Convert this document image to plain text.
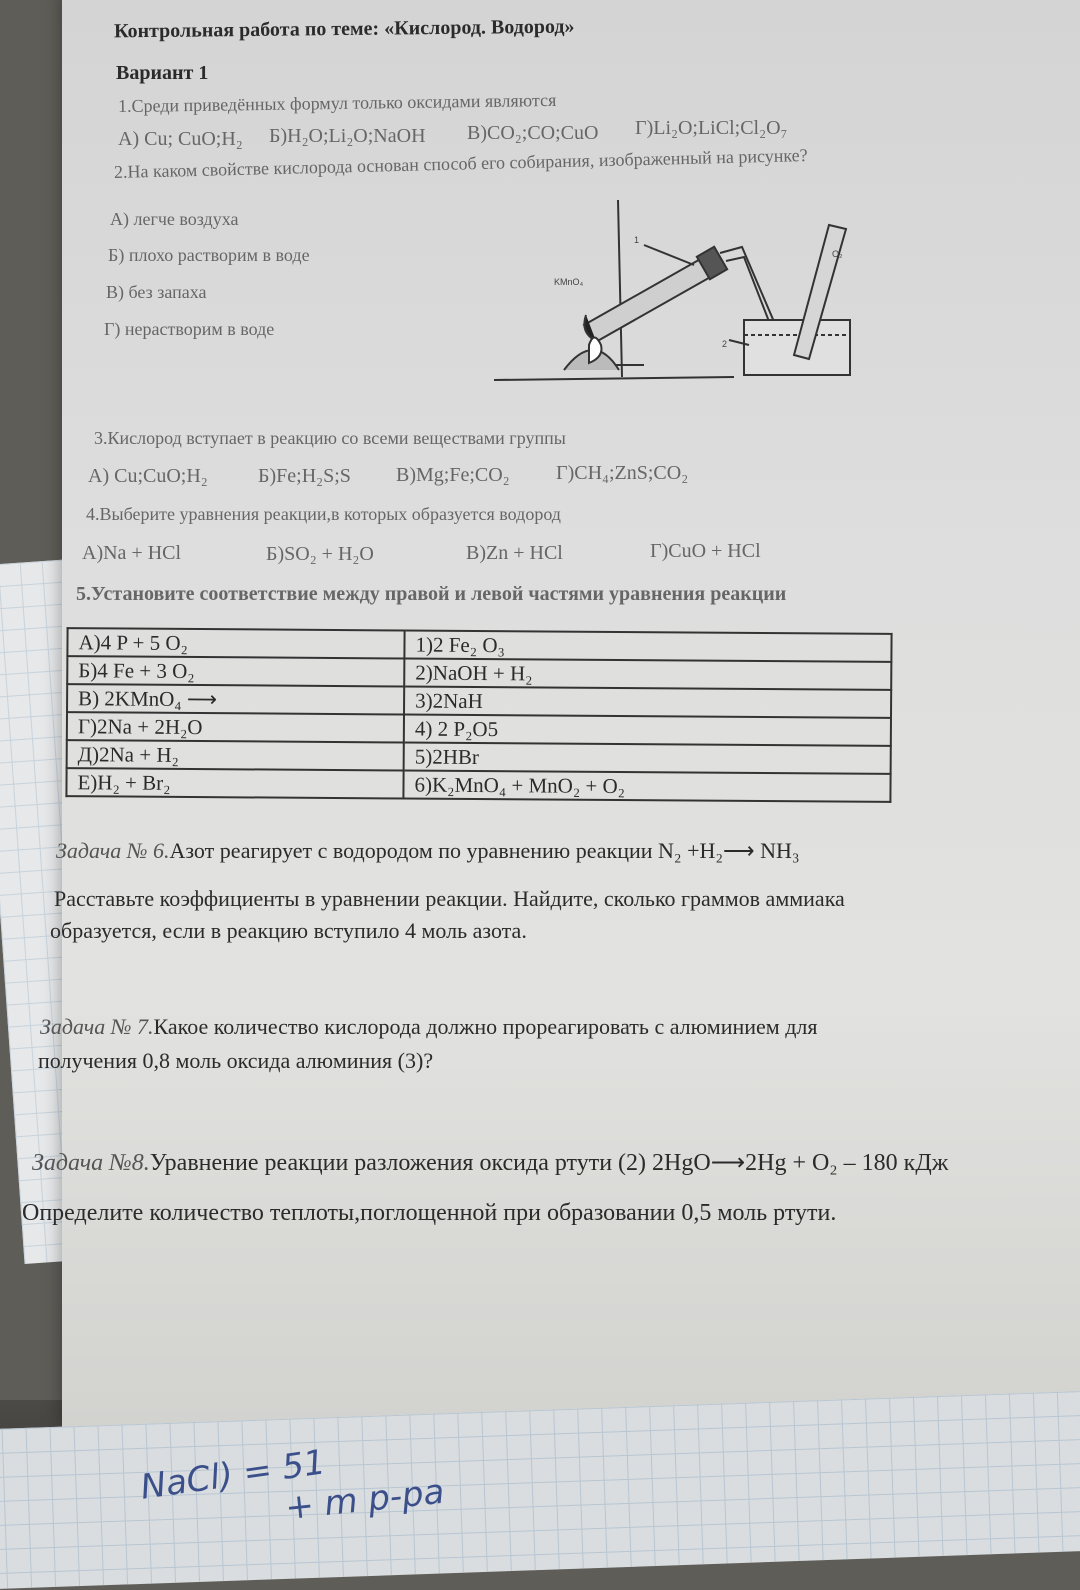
Контрольная работа по теме: «Кислород. Водород»
Вариант 1
1.Среди приведённых формул только оксидами являются
А) Cu; CuO;H₂ Б)H₂O;Li₂O;NaOH В)CO₂;CO;CuO Г)Li₂O;LiCl;Cl₂O₇
2.На каком свойстве кислорода основан способ его собирания, изображенный на рисунке?
А) легче воздуха
Б) плохо растворим в воде
В) без запаха
Г) нерастворим в воде
KMnO₄
O₂
1
2
3.Кислород вступает в реакцию со всеми веществами группы
А) Cu;CuO;H₂	Б)Fe;H₂S;S В)Mg;Fe;CO₂ Г)CH₄;ZnS;CO₂
4.Выберите уравнения реакции,в которых образуется водород
А)Na + HCl	Б)SO₂ + H₂O	В)Zn + HCl	Г)CuO + HCl
5.Установите соответствие между правой и левой частями уравнения реакции
А)4 P + 5 O₂	1)2 Fe₂ O₃
Б)4 Fe + 3 O₂	2)NaOH + H₂
В) 2KMnO₄ ⟶	3)2NaH
Г)2Na + 2H₂O	4) 2 P₂O5
Д)2Na + H₂	5)2HBr
Е)H₂ + Br₂	6)K₂MnO₄ + MnO₂ + O₂
Задача № 6.Азот реагирует с водородом по уравнению реакции N₂ +H₂⟶ NH₃
Расставьте коэффициенты в уравнении реакции. Найдите, сколько граммов аммиака
образуется, если в реакцию вступило 4 моль азота.
Задача № 7.Какое количество кислорода должно прореагировать с алюминием для
получения 0,8 моль оксида алюминия (3)?
Задача №8.Уравнение реакции разложения оксида ртути (2) 2HgO⟶2Hg + O₂ – 180 кДж
Определите количество теплоты,поглощенной при образовании 0,5 моль ртути.
NaCl) = 51
+ m р-ра
